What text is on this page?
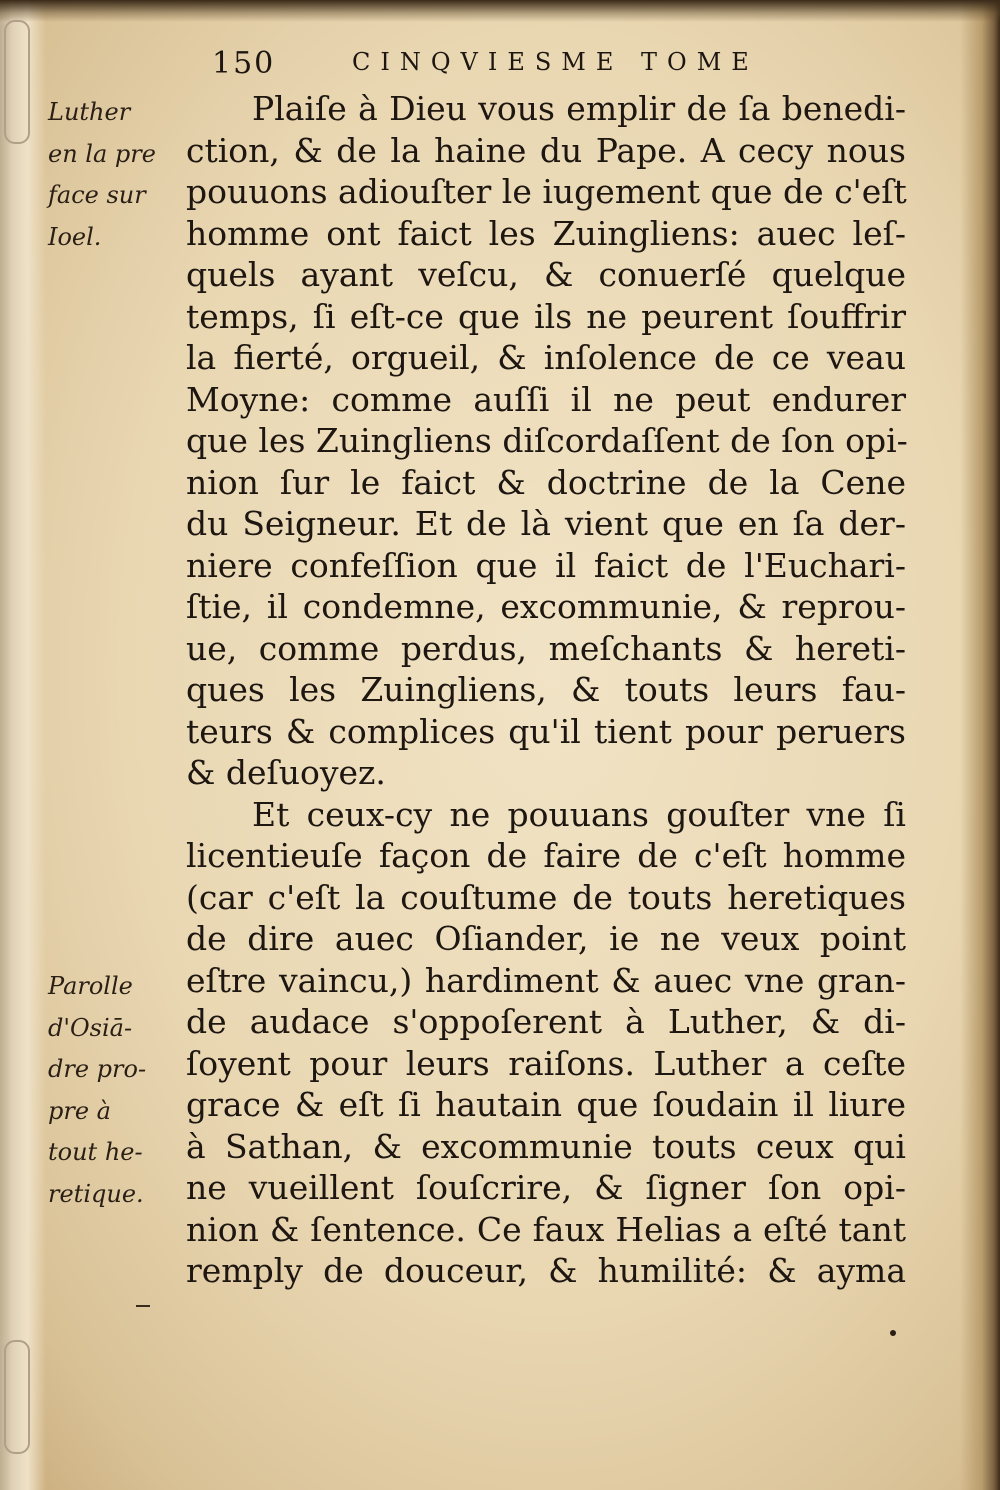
150	CINQVIESME TOME
Luther
en la pre
face sur
Ioel.
Parolle
d'Osiā-
dre pro-
pre à
tout he-
retique.
Plaiſe à Dieu vous emplir de ſa benedi-
ction, & de la haine du Pape. A cecy nous
pouuons adiouſter le iugement que de c'eſt
homme ont faict les Zuingliens: auec leſ-
quels ayant veſcu, & conuerſé quelque
temps, ſi eſt-ce que ils ne peurent ſouffrir
la fierté, orgueil, & inſolence de ce veau
Moyne: comme auſſi il ne peut endurer
que les Zuingliens diſcordaſſent de ſon opi-
nion ſur le faict & doctrine de la Cene
du Seigneur. Et de là vient que en ſa der-
niere confeſſion que il faict de l'Euchari-
ſtie, il condemne, excommunie, & reprou-
ue, comme perdus, meſchants & hereti-
ques les Zuingliens, & touts leurs fau-
teurs & complices qu'il tient pour peruers
& deſuoyez.
Et ceux-cy ne pouuans gouſter vne ſi
licentieuſe façon de faire de c'eſt homme
(car c'eſt la couſtume de touts heretiques
de dire auec Oſiander, ie ne veux point
eſtre vaincu,) hardiment & auec vne gran-
de audace s'oppoſerent à Luther, & di-
ſoyent pour leurs raiſons. Luther a ceſte
grace & eſt ſi hautain que ſoudain il liure
à Sathan, & excommunie touts ceux qui
ne vueillent ſouſcrire, & ſigner ſon opi-
nion & ſentence. Ce faux Helias a eſté tant
remply de douceur, & humilité: & ayma
